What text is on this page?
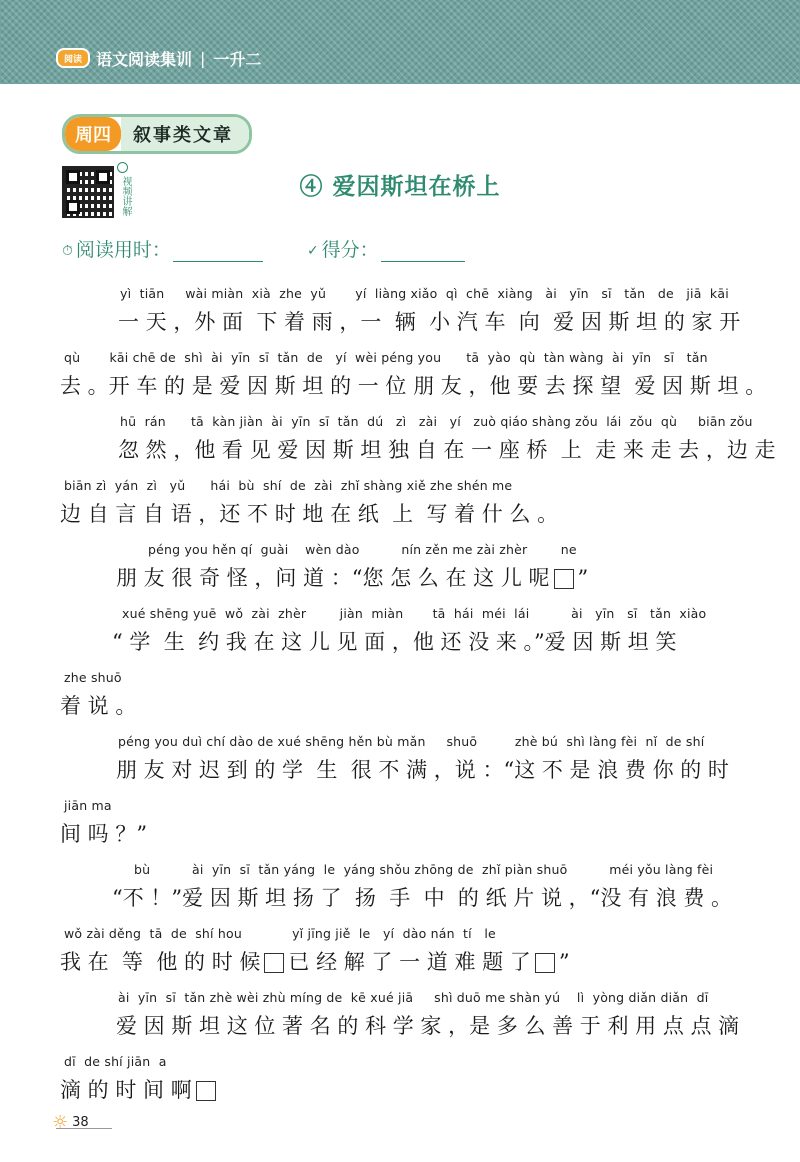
阅读 语文阅读集训 | 一升二
周四	叙事类文章
视频讲解	④ 爱因斯坦在桥上
⏱ 阅读用时：	✓ 得分：
yì  tiān     wài miàn  xià  zhe  yǔ       yí  liàng xiǎo  qì  chē  xiàng   ài   yīn   sī   tǎn   de   jiā  kāi
一 天 ，外 面  下 着 雨 ，一  辆  小 汽 车  向  爱 因 斯 坦 的 家 开
qù       kāi chē de  shì  ài  yīn  sī  tǎn  de   yí  wèi péng you      tā  yào  qù  tàn wàng  ài  yīn   sī   tǎn
去 。开 车 的 是 爱 因 斯 坦 的 一 位 朋 友 ，他 要 去 探 望  爱 因 斯 坦 。
hū  rán      tā  kàn jiàn  ài  yīn  sī  tǎn  dú   zì   zài   yí   zuò qiáo shàng zǒu  lái  zǒu  qù     biān zǒu
忽 然 ，他 看 见 爱 因 斯 坦 独 自 在 一 座 桥  上  走 来 走 去 ，边 走
biān zì  yán  zì   yǔ      hái  bù  shí  de  zài  zhǐ shàng xiě zhe shén me
边 自 言 自 语 ，还 不 时 地 在 纸  上  写 着 什 么 。
péng you hěn qí  guài    wèn dào          nín zěn me zài zhèr        ne
朋 友 很 奇 怪 ，问 道 ：“您 怎 么 在 这 儿 呢 ”
xué shēng yuē  wǒ  zài  zhèr        jiàn  miàn       tā  hái  méi  lái          ài   yīn   sī   tǎn  xiào
“ 学  生  约 我 在 这 儿 见 面 ，他 还 没 来 。”爱 因 斯 坦 笑
zhe shuō
着 说 。
péng you duì chí dào de xué shēng hěn bù mǎn     shuō         zhè bú  shì làng fèi  nǐ  de shí
朋 友 对 迟 到 的 学  生  很 不 满 ，说 ：“这 不 是 浪 费 你 的 时
jiān ma
间 吗 ？”
bù          ài  yīn  sī  tǎn yáng  le  yáng shǒu zhōng de  zhǐ piàn shuō          méi yǒu làng fèi
“不 ！”爱 因 斯 坦 扬 了  扬  手  中  的 纸 片 说 ，“没 有 浪 费 。
wǒ zài děng  tā  de  shí hou            yǐ jīng jiě  le   yí  dào nán  tí   le
我 在  等  他 的 时 候 已 经 解 了 一 道 难 题 了 ”
ài  yīn  sī  tǎn zhè wèi zhù míng de  kē xué jiā     shì duō me shàn yú    lì  yòng diǎn diǎn  dī
爱 因 斯 坦 这 位 著 名 的 科 学 家 ，是 多 么 善 于 利 用 点 点 滴
dī  de shí jiān  a
滴 的 时 间 啊
☼ 38
